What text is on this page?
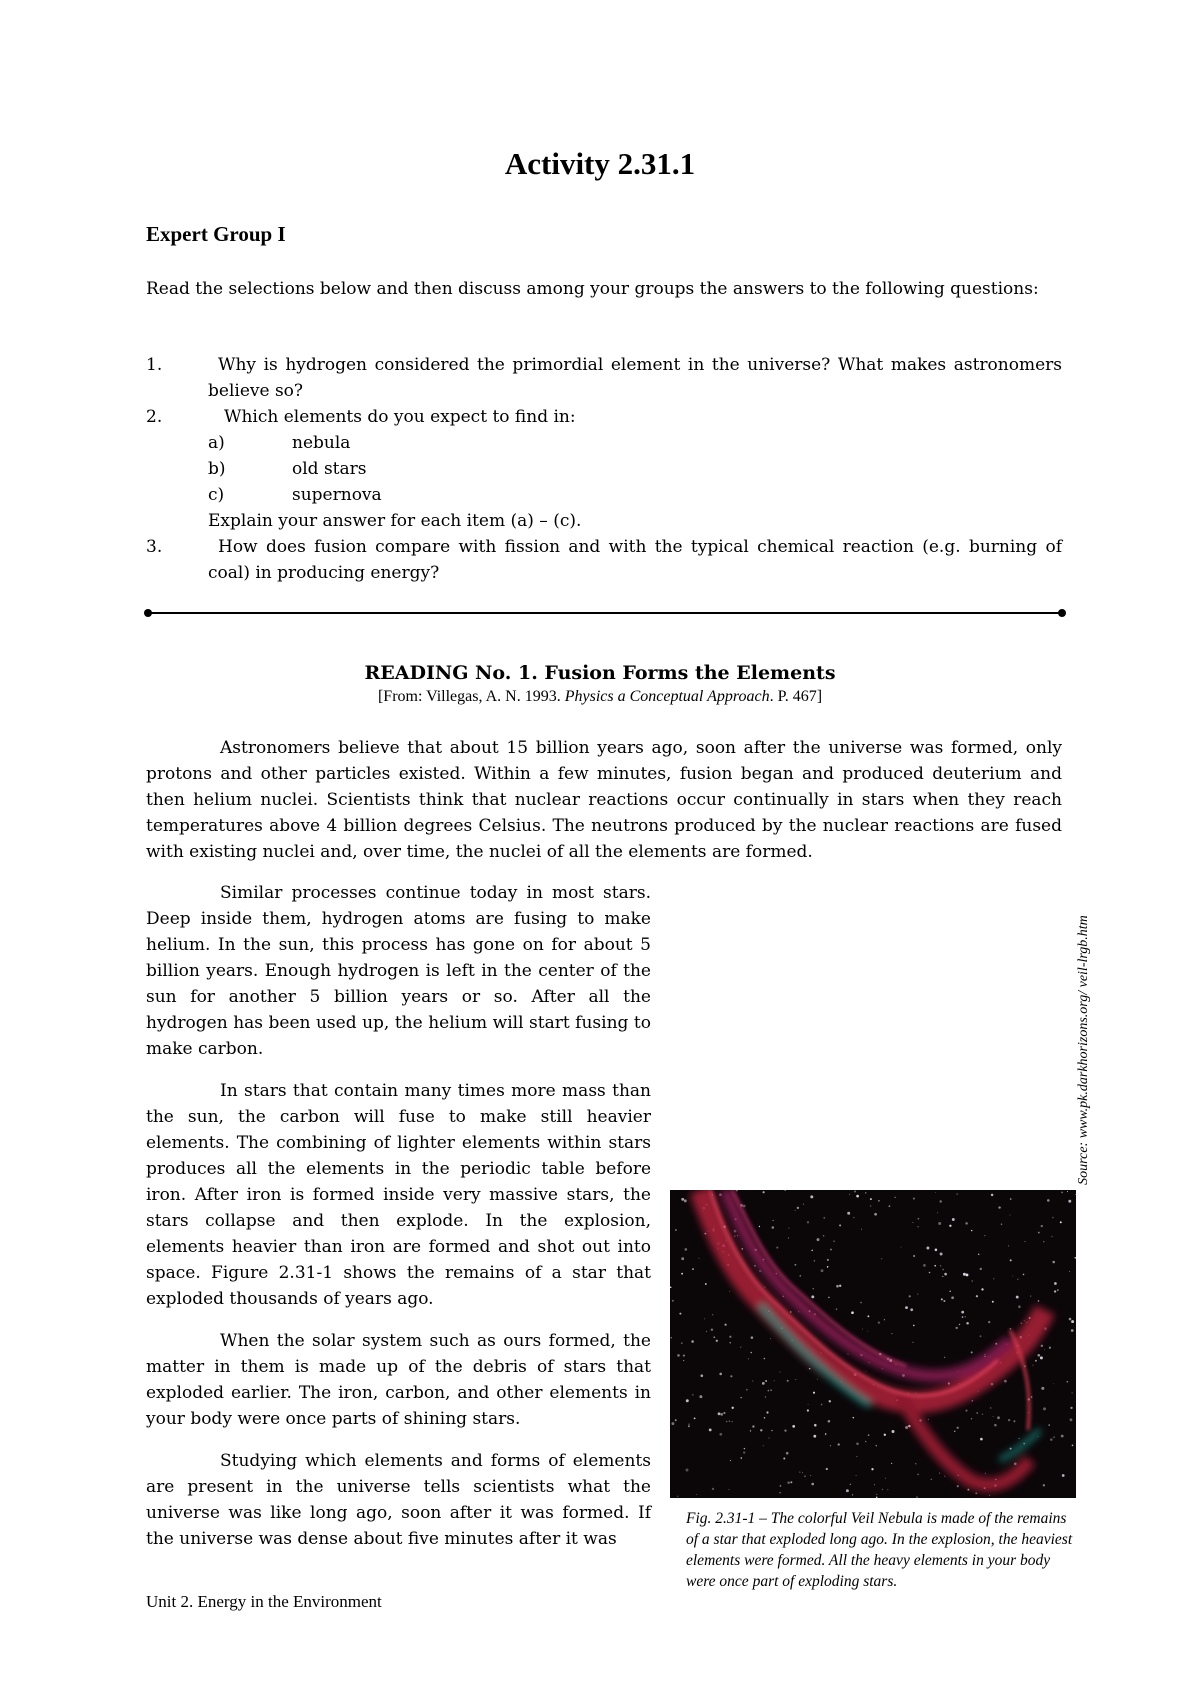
Activity 2.31.1
Expert Group I

Read the selections below and then discuss among your groups the answers to the following questions:

1.	Why is hydrogen considered the primordial element in the universe? What makes astronomers believe so?
2.	Which elements do you expect to find in:
a)	nebula
b)	old stars
c)	supernova
Explain your answer for each item (a) – (c).
3.	How does fusion compare with fission and with the typical chemical reaction (e.g. burning of coal) in producing energy?
READING No. 1. Fusion Forms the Elements
[From: Villegas, A. N. 1993. Physics a Conceptual Approach. P. 467]

Astronomers believe that about 15 billion years ago, soon after the universe was formed, only protons and other particles existed. Within a few minutes, fusion began and produced deuterium and then helium nuclei. Scientists think that nuclear reactions occur continually in stars when they reach temperatures above 4 billion degrees Celsius. The neutrons produced by the nuclear reactions are fused with existing nuclei and, over time, the nuclei of all the elements are formed.

Similar processes continue today in most stars. Deep inside them, hydrogen atoms are fusing to make helium. In the sun, this process has gone on for about 5 billion years. Enough hydrogen is left in the center of the sun for another 5 billion years or so. After all the hydrogen has been used up, the helium will start fusing to make carbon.

In stars that contain many times more mass than the sun, the carbon will fuse to make still heavier elements. The combining of lighter elements within stars produces all the elements in the periodic table before iron. After iron is formed inside very massive stars, the stars collapse and then explode. In the explosion, elements heavier than iron are formed and shot out into space. Figure 2.31-1 shows the remains of a star that exploded thousands of years ago.

When the solar system such as ours formed, the matter in them is made up of the debris of stars that exploded earlier. The iron, carbon, and other elements in your body were once parts of shining stars.

Studying which elements and forms of elements are present in the universe tells scientists what the universe was like long ago, soon after it was formed. If the universe was dense about five minutes after it was

Source: www.pk.darkhorizons.org/ veil-lrgb.htm

Fig. 2.31-1 – The colorful Veil Nebula is made of the remains of a star that exploded long ago. In the explosion, the heaviest elements were formed. All the heavy elements in your body were once part of exploding stars.

Unit 2. Energy in the Environment
